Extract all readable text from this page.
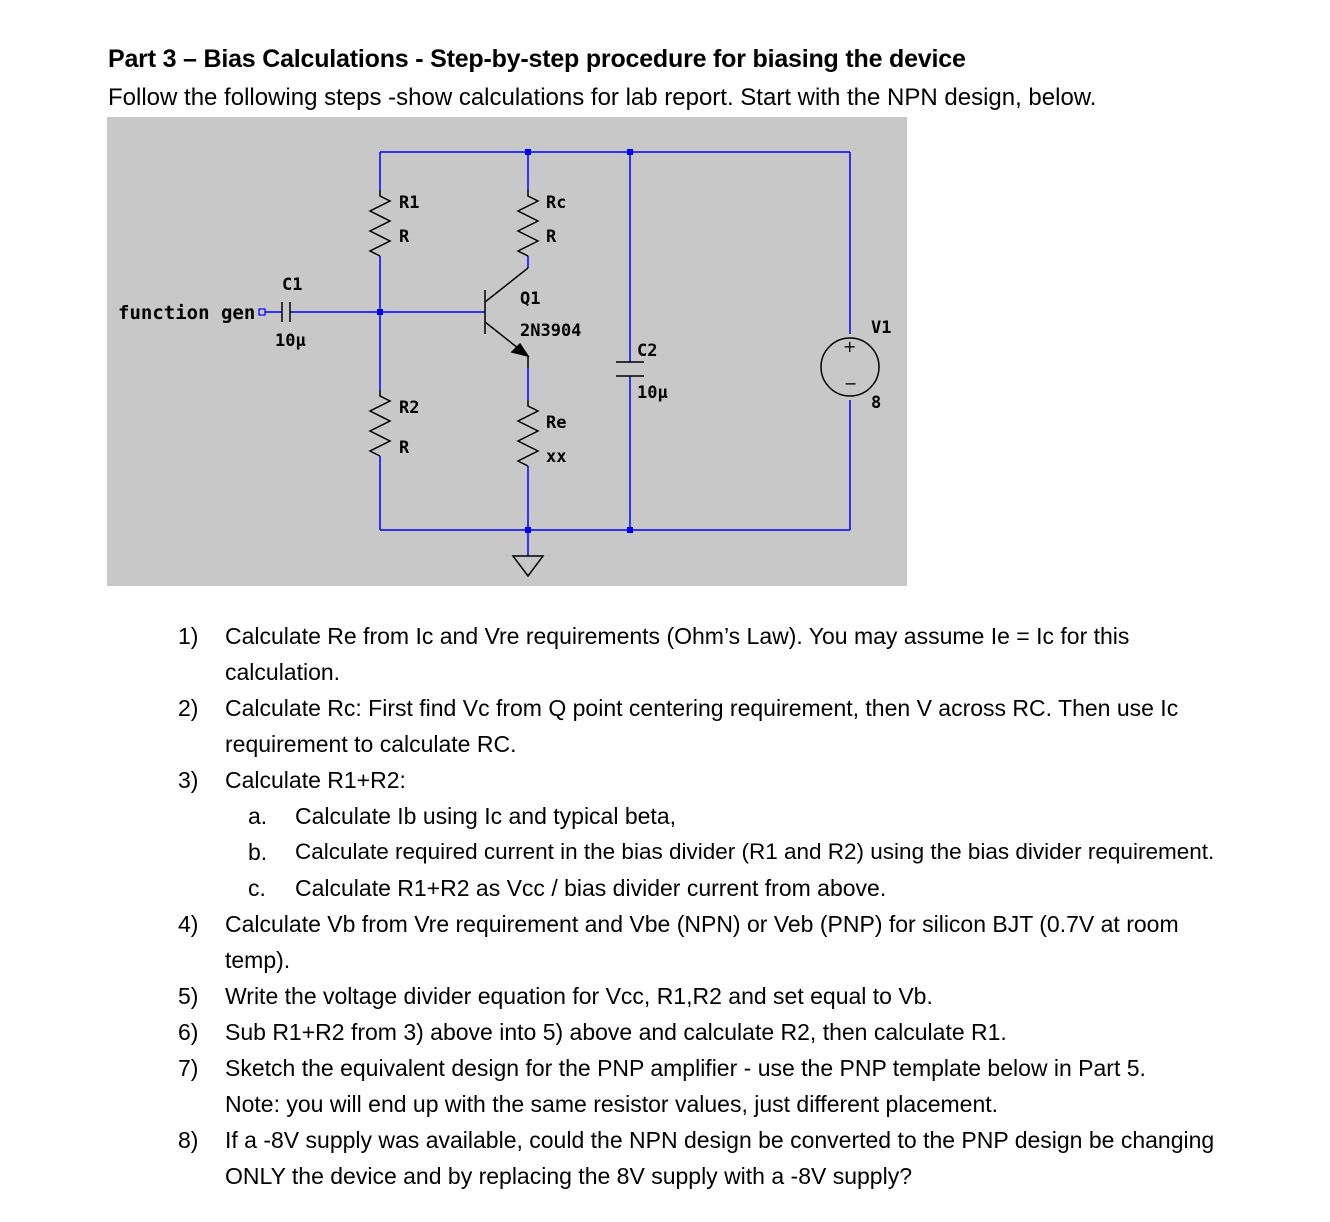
Part 3 – Bias Calculations - Step-by-step procedure for biasing the device
Follow the following steps -show calculations for lab report. Start with the NPN design, below.
function gen
C1
10µ
R1
R
Rc
R
Q1
2N3904
R2
R
Re
xx
C2
10µ
V1
8
+
−
1) Calculate Re from Ic and Vre requirements (Ohm’s Law). You may assume Ie = Ic for this
calculation.
2) Calculate Rc: First find Vc from Q point centering requirement, then V across RC. Then use Ic
requirement to calculate RC.
3) Calculate R1+R2:
a. Calculate Ib using Ic and typical beta,
b. Calculate required current in the bias divider (R1 and R2) using the bias divider requirement.
c. Calculate R1+R2 as Vcc / bias divider current from above.
4) Calculate Vb from Vre requirement and Vbe (NPN) or Veb (PNP) for silicon BJT (0.7V at room
temp).
5) Write the voltage divider equation for Vcc, R1,R2 and set equal to Vb.
6) Sub R1+R2 from 3) above into 5) above and calculate R2, then calculate R1.
7) Sketch the equivalent design for the PNP amplifier - use the PNP template below in Part 5.
Note: you will end up with the same resistor values, just different placement.
8) If a -8V supply was available, could the NPN design be converted to the PNP design be changing
ONLY the device and by replacing the 8V supply with a -8V supply?
